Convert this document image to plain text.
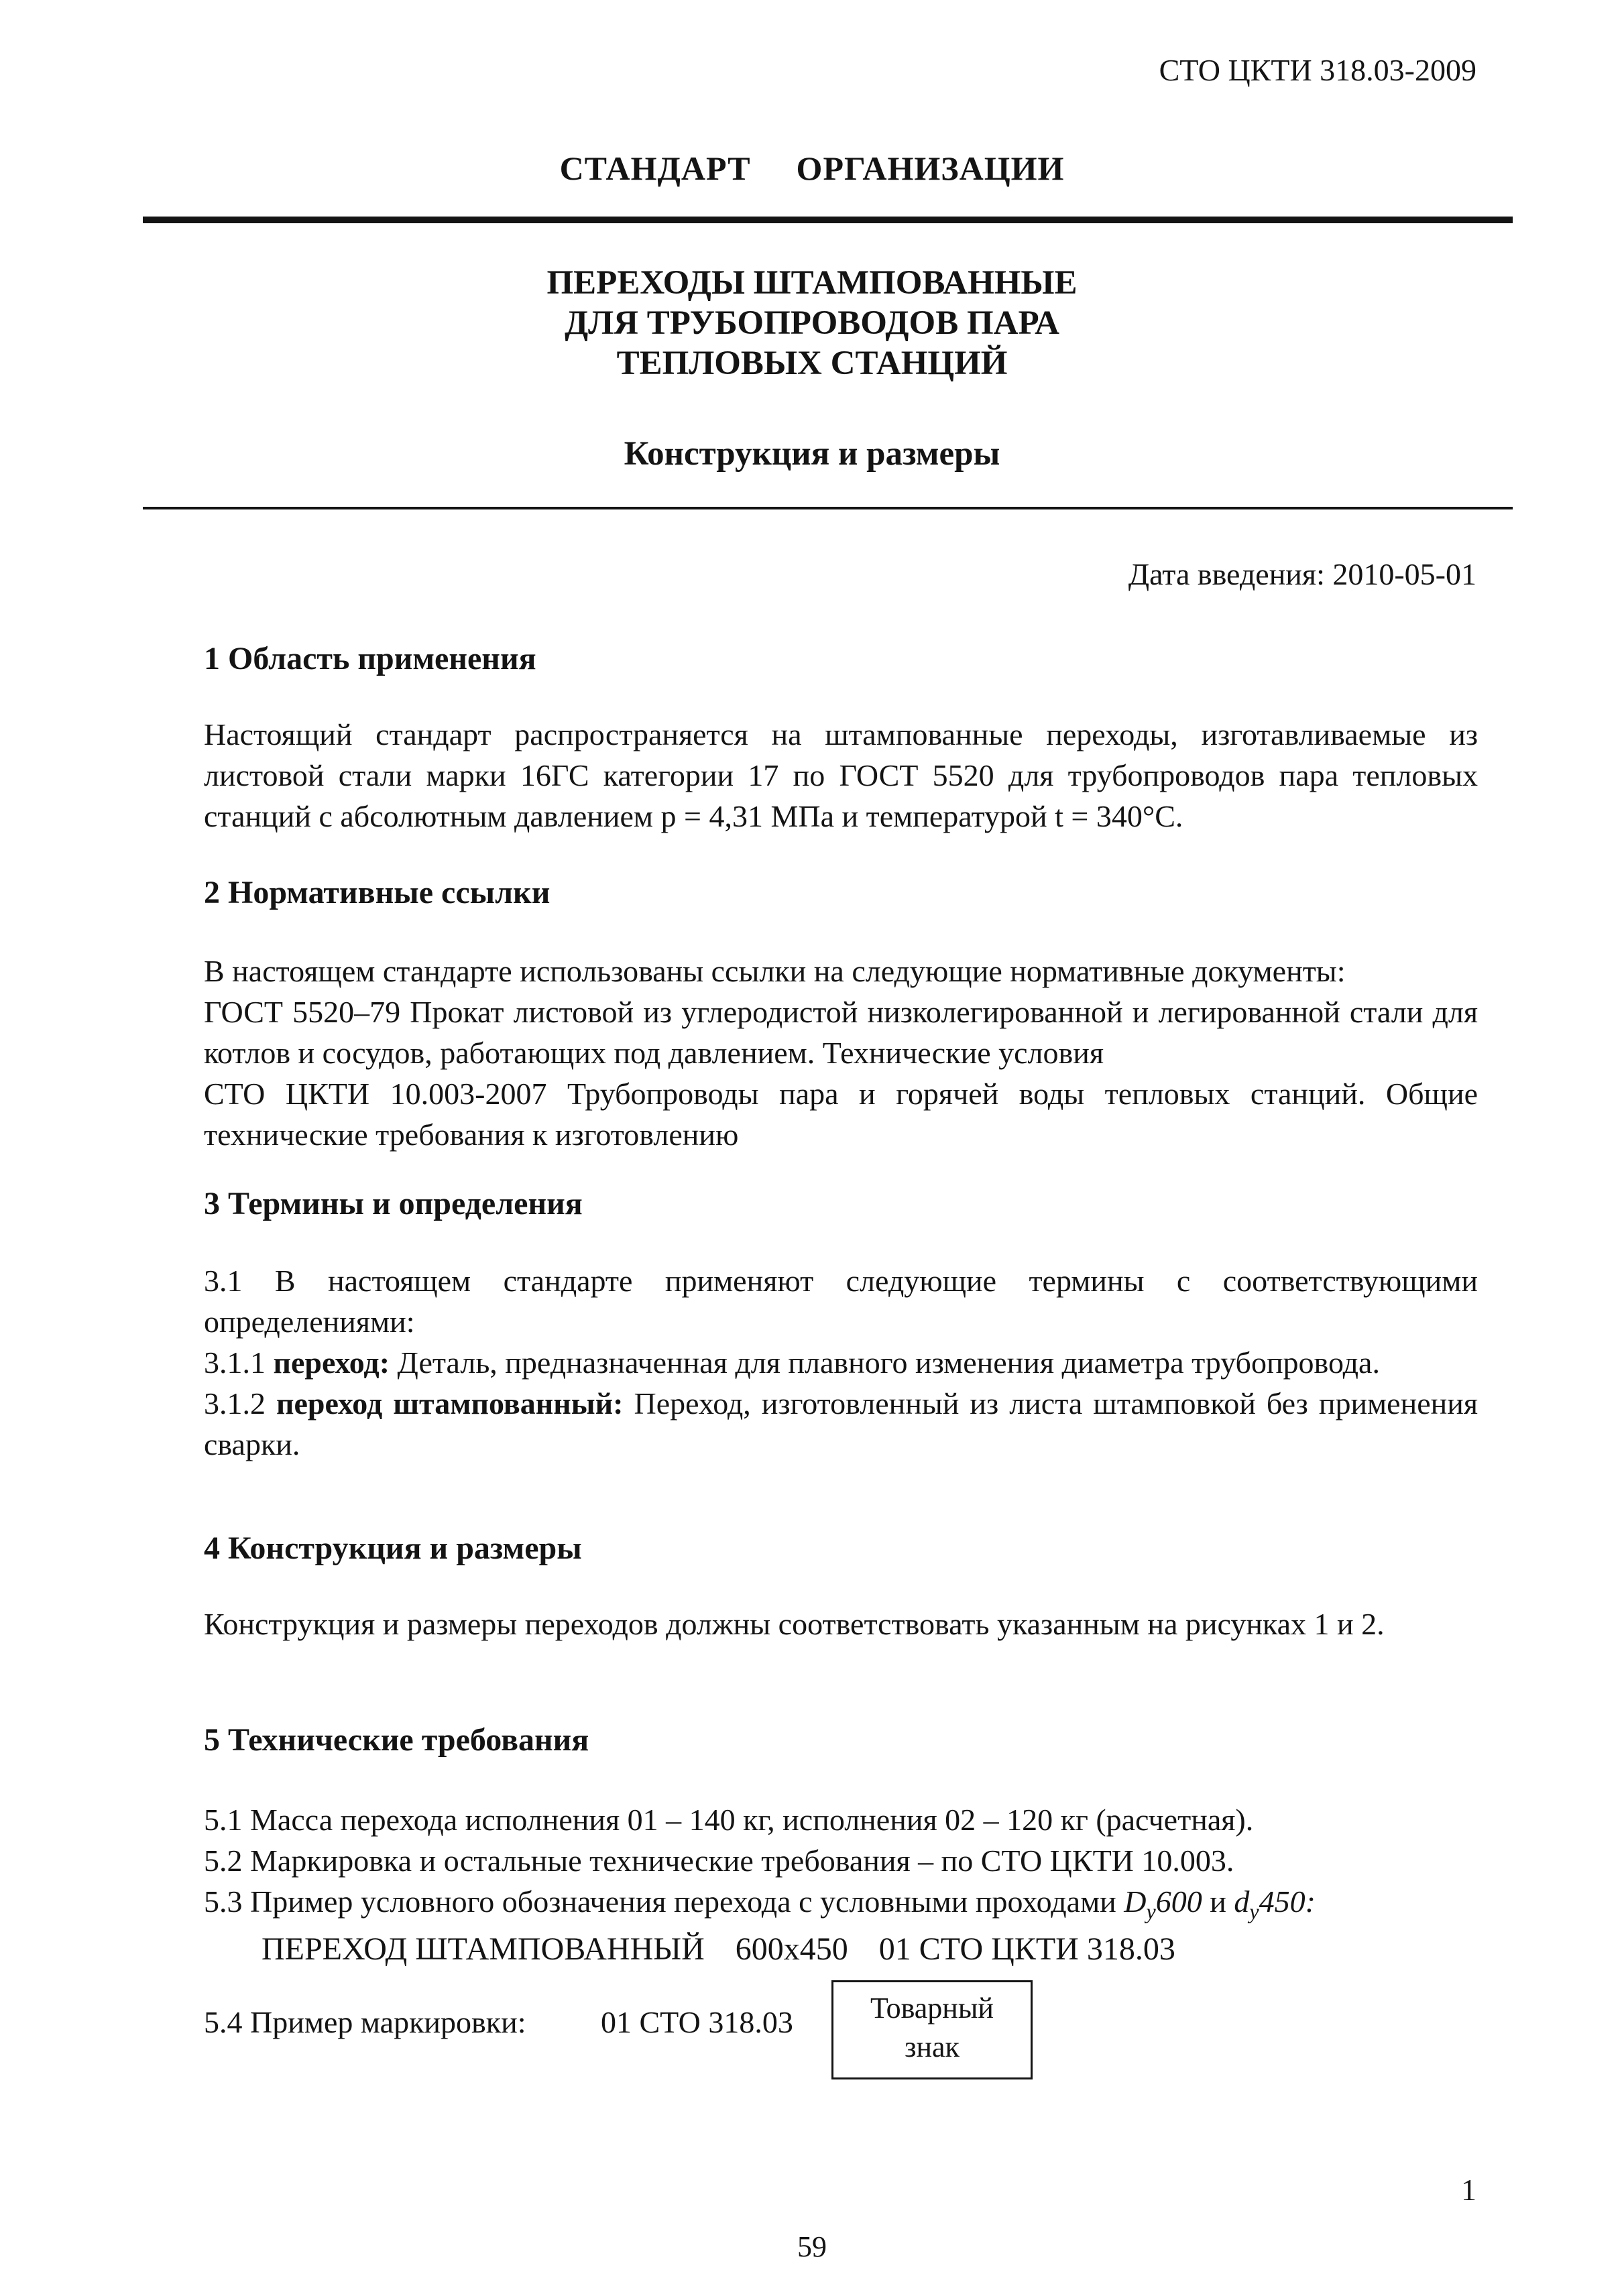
СТО ЦКТИ 318.03-2009
СТАНДАРТ ОРГАНИЗАЦИИ
ПЕРЕХОДЫ ШТАМПОВАННЫЕ
ДЛЯ ТРУБОПРОВОДОВ ПАРА
ТЕПЛОВЫХ СТАНЦИЙ
Конструкция и размеры
Дата введения: 2010-05-01
1 Область применения

Настоящий стандарт распространяется на штампованные переходы, изготавливаемые из листовой стали марки 16ГС категории 17 по ГОСТ 5520 для трубопроводов пара тепловых станций с абсолютным давлением р = 4,31 МПа и температурой t = 340°С.

2 Нормативные ссылки

В настоящем стандарте использованы ссылки на следующие нормативные документы:

ГОСТ 5520–79 Прокат листовой из углеродистой низколегированной и легированной стали для котлов и сосудов, работающих под давлением. Технические условия

СТО ЦКТИ 10.003-2007 Трубопроводы пара и горячей воды тепловых станций. Общие технические требования к изготовлению

3 Термины и определения

3.1 В настоящем стандарте применяют следующие термины с соответствующими определениями:

3.1.1 переход: Деталь, предназначенная для плавного изменения диаметра трубопровода.

3.1.2 переход штампованный: Переход, изготовленный из листа штамповкой без применения сварки.

4 Конструкция и размеры

Конструкция и размеры переходов должны соответствовать указанным на рисунках 1 и 2.

5 Технические требования

5.1 Масса перехода исполнения 01 – 140 кг, исполнения 02 – 120 кг (расчетная).

5.2 Маркировка и остальные технические требования – по СТО ЦКТИ 10.003.

5.3 Пример условного обозначения перехода с условными проходами $D_y600$ и $d_y450$:

ПЕРЕХОД ШТАМПОВАННЫЙ 600х450 01 СТО ЦКТИ 318.03
5.4 Пример маркировки: 01 СТО 318.03	Товарный
знак
1
59
